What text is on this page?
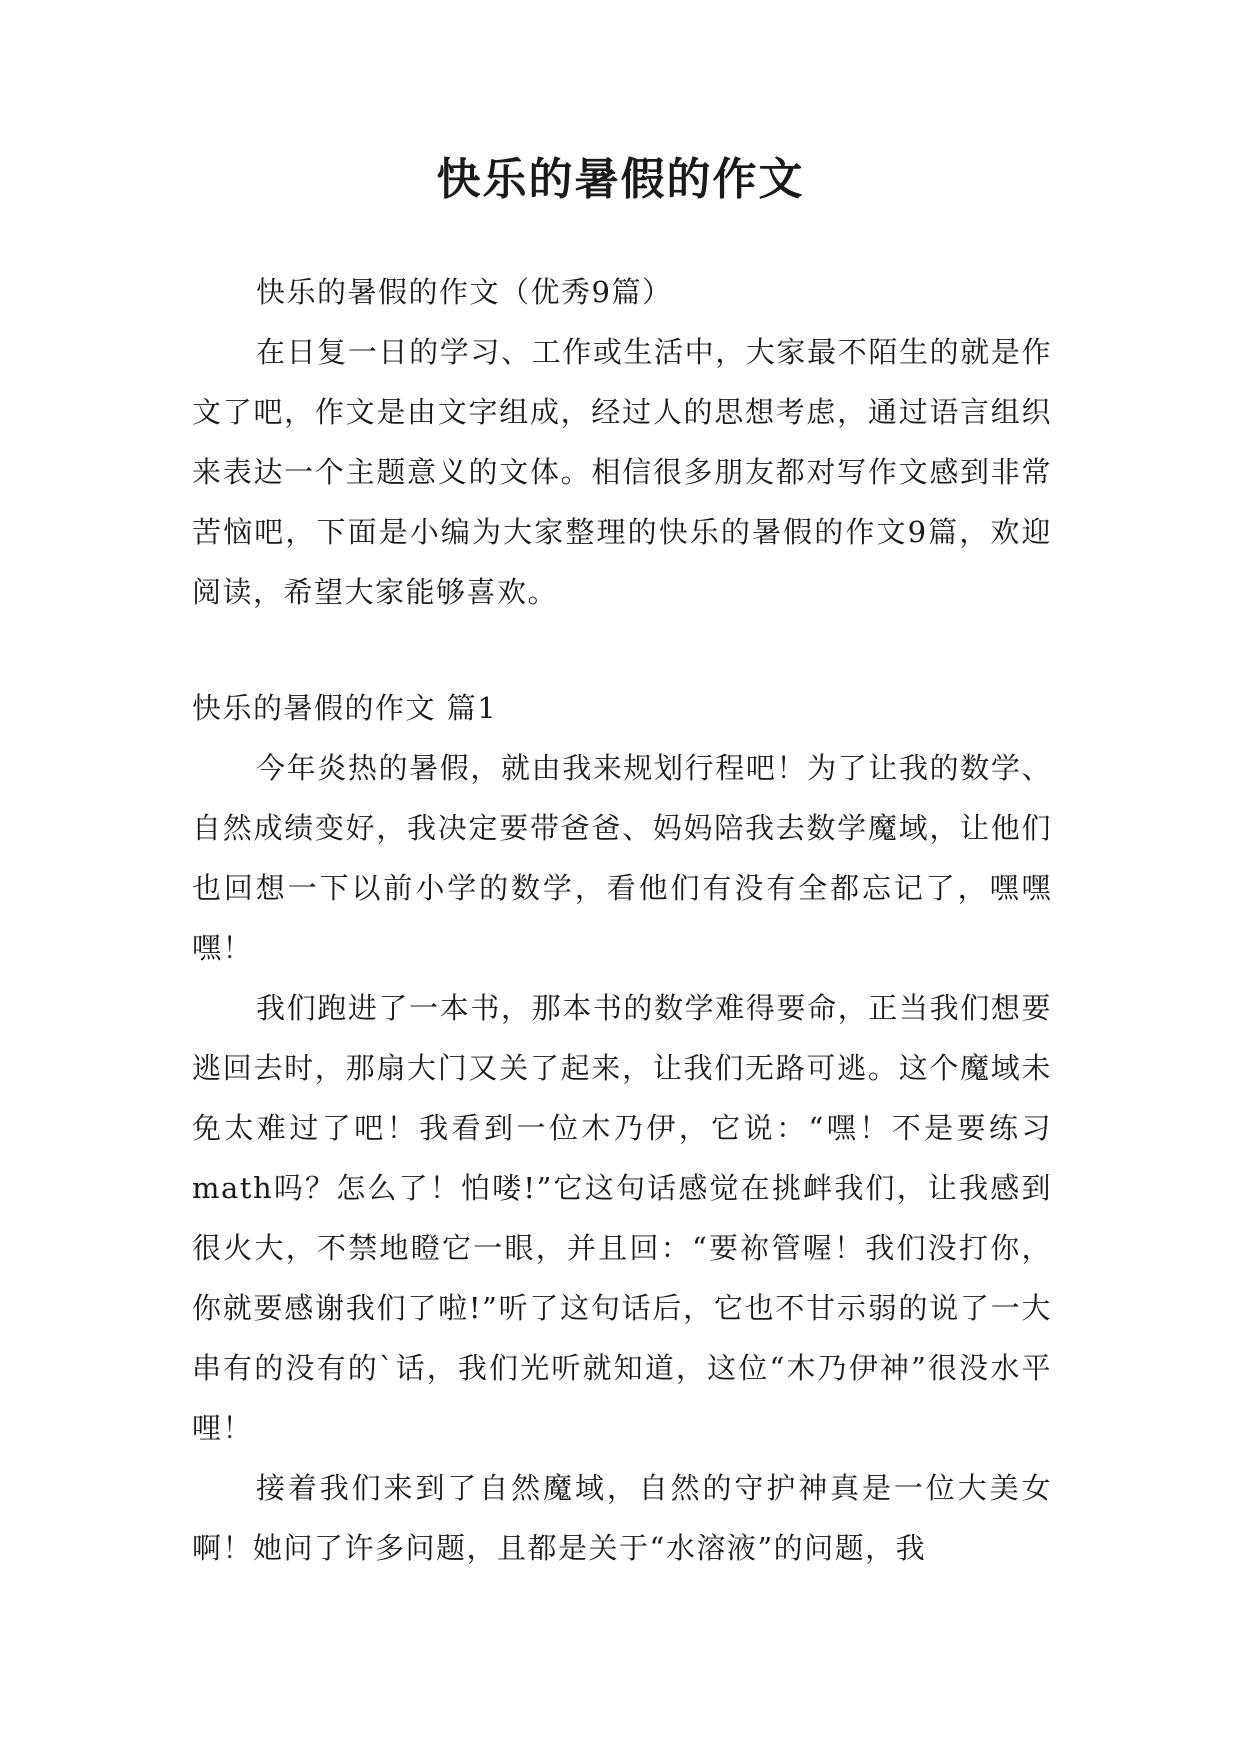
快乐的暑假的作文

快乐的暑假的作文（优秀9篇）

在日复一日的学习、工作或生活中，大家最不陌生的就是作文了吧，作文是由文字组成，经过人的思想考虑，通过语言组织来表达一个主题意义的文体。相信很多朋友都对写作文感到非常苦恼吧，下面是小编为大家整理的快乐的暑假的作文9篇，欢迎阅读，希望大家能够喜欢。

快乐的暑假的作文 篇1

今年炎热的暑假，就由我来规划行程吧！为了让我的数学、自然成绩变好，我决定要带爸爸、妈妈陪我去数学魔域，让他们也回想一下以前小学的数学，看他们有没有全都忘记了，嘿嘿嘿！

我们跑进了一本书，那本书的数学难得要命，正当我们想要逃回去时，那扇大门又关了起来，让我们无路可逃。这个魔域未免太难过了吧！我看到一位木乃伊，它说：“嘿！不是要练习math吗？怎么了！怕喽!”它这句话感觉在挑衅我们，让我感到很火大，不禁地瞪它一眼，并且回：“要祢管喔！我们没打你，你就要感谢我们了啦!”听了这句话后，它也不甘示弱的说了一大串有的没有的`话，我们光听就知道，这位“木乃伊神”很没水平哩！

接着我们来到了自然魔域，自然的守护神真是一位大美女啊！她问了许多问题，且都是关于“水溶液”的问题，我
